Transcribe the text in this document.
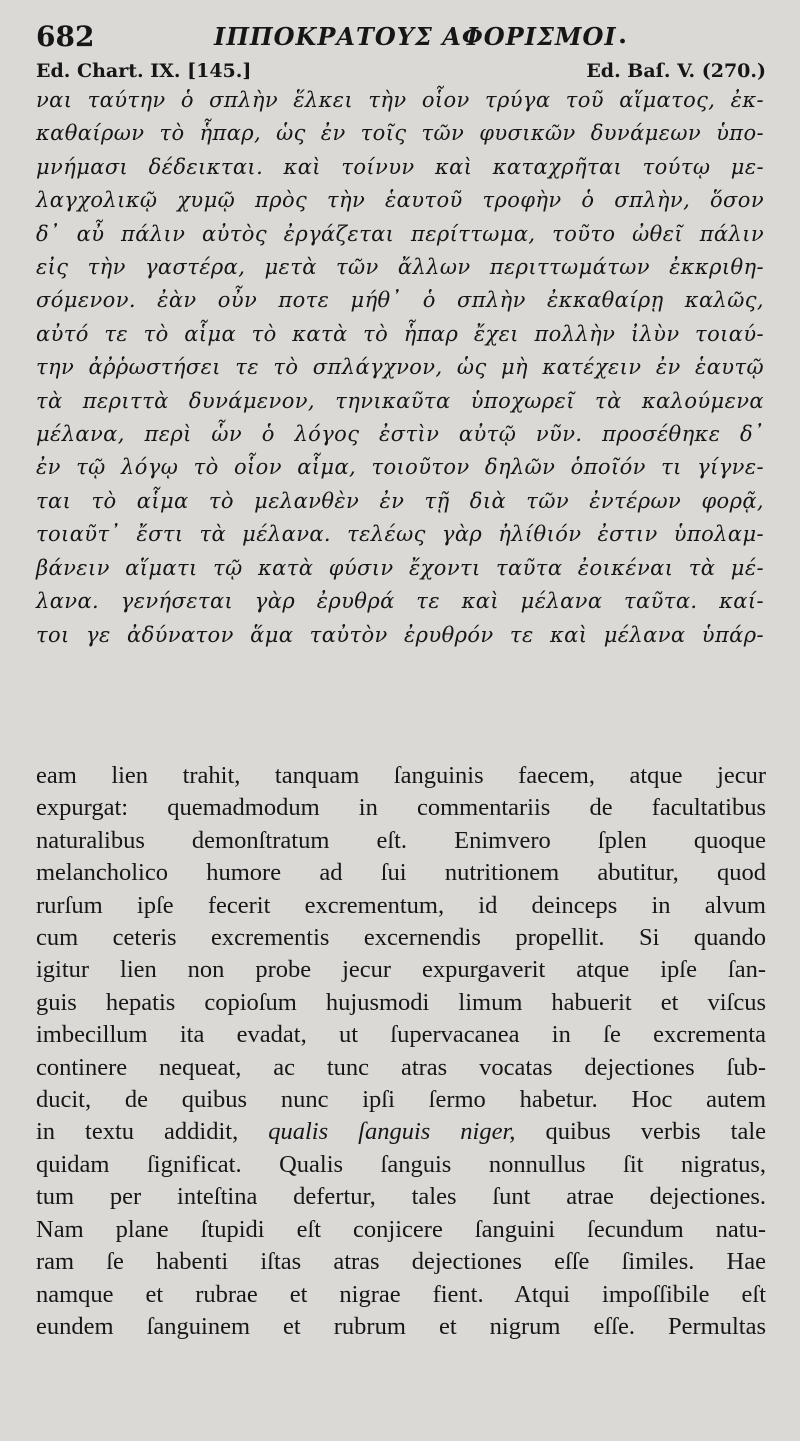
682	ΙΠΠΟΚΡΑΤΟΥΣ ΑΦΟΡΙΣΜΟΙ .
Ed. Chart. IX. [145.]	Ed. Baſ. V. (270.)
ναι ταύτην ὁ σπλὴν ἕλκει τὴν οἷον τρύγα τοῦ αἵματος, ἐκ-
καθαίρων τὸ ἧπαρ, ὡς ἐν τοῖς τῶν φυσικῶν δυνάμεων ὑπο-
μνήμασι δέδεικται. καὶ τοίνυν καὶ καταχρῆται τούτῳ με-
λαγχολικῷ χυμῷ πρὸς τὴν ἑαυτοῦ τροφὴν ὁ σπλὴν, ὅσον
δ᾽ αὖ πάλιν αὐτὸς ἐργάζεται περίττωμα, τοῦτο ὠθεῖ πάλιν
εἰς τὴν γαστέρα, μετὰ τῶν ἄλλων περιττωμάτων ἐκκριθη-
σόμενον. ἐὰν οὖν ποτε μήθ᾽ ὁ σπλὴν ἐκκαθαίρῃ καλῶς,
αὐτό τε τὸ αἷμα τὸ κατὰ τὸ ἧπαρ ἔχει πολλὴν ἰλὺν τοιαύ-
την ἀῤῥωστήσει τε τὸ σπλάγχνον, ὡς μὴ κατέχειν ἐν ἑαυτῷ
τὰ περιττὰ δυνάμενον, τηνικαῦτα ὑποχωρεῖ τὰ καλούμενα
μέλανα, περὶ ὧν ὁ λόγος ἐστὶν αὐτῷ νῦν. προσέθηκε δ᾽
ἐν τῷ λόγῳ τὸ οἷον αἷμα, τοιοῦτον δηλῶν ὁποῖόν τι γίγνε-
ται τὸ αἷμα τὸ μελανθὲν ἐν τῇ διὰ τῶν ἐντέρων φορᾷ,
τοιαῦτ᾽ ἔστι τὰ μέλανα. τελέως γὰρ ἠλίθιόν ἐστιν ὑπολαμ-
βάνειν αἵματι τῷ κατὰ φύσιν ἔχοντι ταῦτα ἐοικέναι τὰ μέ-
λανα. γενήσεται γὰρ ἐρυθρά τε καὶ μέλανα ταῦτα. καί-
τοι γε ἀδύνατον ἅμα ταὐτὸν ἐρυθρόν τε καὶ μέλανα ὑπάρ-
eam lien trahit, tanquam ſanguinis faecem, atque jecur
expurgat: quemadmodum in commentariis de facultatibus
naturalibus demonſtratum eſt. Enimvero ſplen quoque
melancholico humore ad ſui nutritionem abutitur, quod
rurſum ipſe fecerit excrementum, id deinceps in alvum
cum ceteris excrementis excernendis propellit. Si quando
igitur lien non probe jecur expurgaverit atque ipſe ſan-
guis hepatis copioſum hujusmodi limum habuerit et viſcus
imbecillum ita evadat, ut ſupervacanea in ſe excrementa
continere nequeat, ac tunc atras vocatas dejectiones ſub-
ducit, de quibus nunc ipſi ſermo habetur. Hoc autem
in textu addidit, qualis ſanguis niger, quibus verbis tale
quidam ſignificat. Qualis ſanguis nonnullus ſit nigratus,
tum per inteſtina defertur, tales ſunt atrae dejectiones.
Nam plane ſtupidi eſt conjicere ſanguini ſecundum natu-
ram ſe habenti iſtas atras dejectiones eſſe ſimiles. Hae
namque et rubrae et nigrae fient. Atqui impoſſibile eſt
eundem ſanguinem et rubrum et nigrum eſſe. Permultas
